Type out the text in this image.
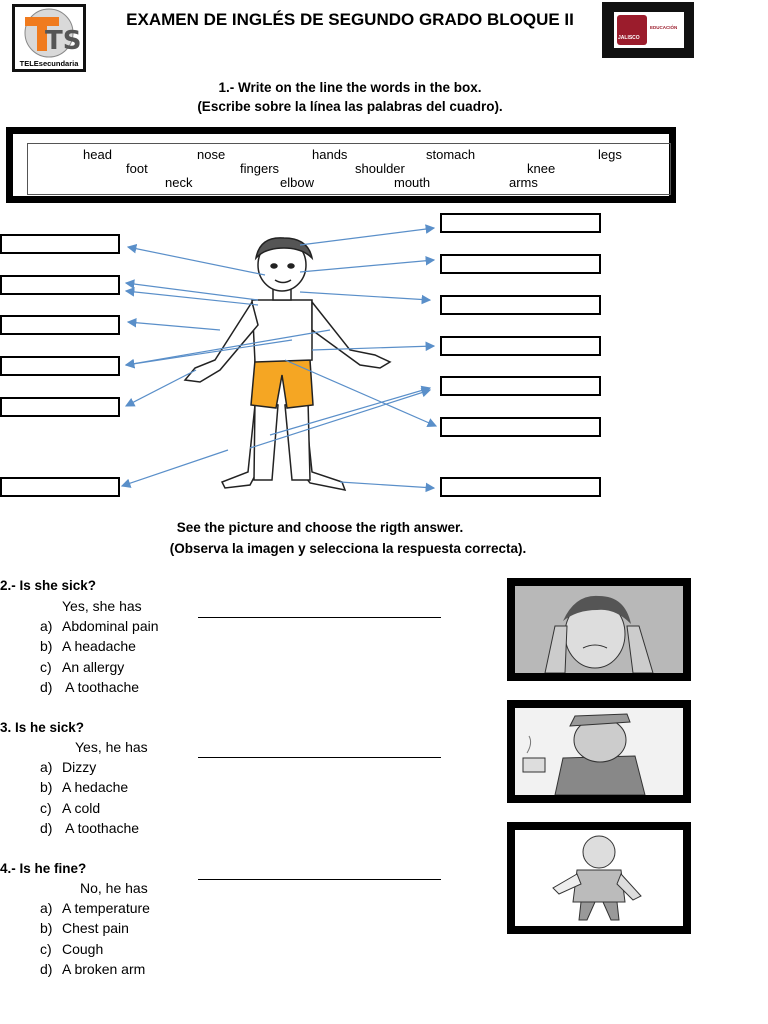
TS
TELEsecundaria
EXAMEN DE INGLÉS DE SEGUNDO GRADO BLOQUE II
JALISCO
EDUCACIÓN
1.- Write on the line the words in the box.
(Escribe sobre la línea las palabras del cuadro).
head	nose	hands	stomach	legs
foot	fingers	shoulder	knee
neck	elbow	mouth	arms
See the picture and choose the rigth answer.
(Observa la imagen y selecciona la respuesta correcta).
2.- Is she sick?
Yes, she has
a) Abdominal pain
b) A headache
c) An allergy
d) A toothache
3. Is he sick?
Yes, he has
a) Dizzy
b) A hedache
c) A cold
d) A toothache
4.- Is he fine?
No, he has
a) A temperature
b) Chest pain
c) Cough
d) A broken arm
